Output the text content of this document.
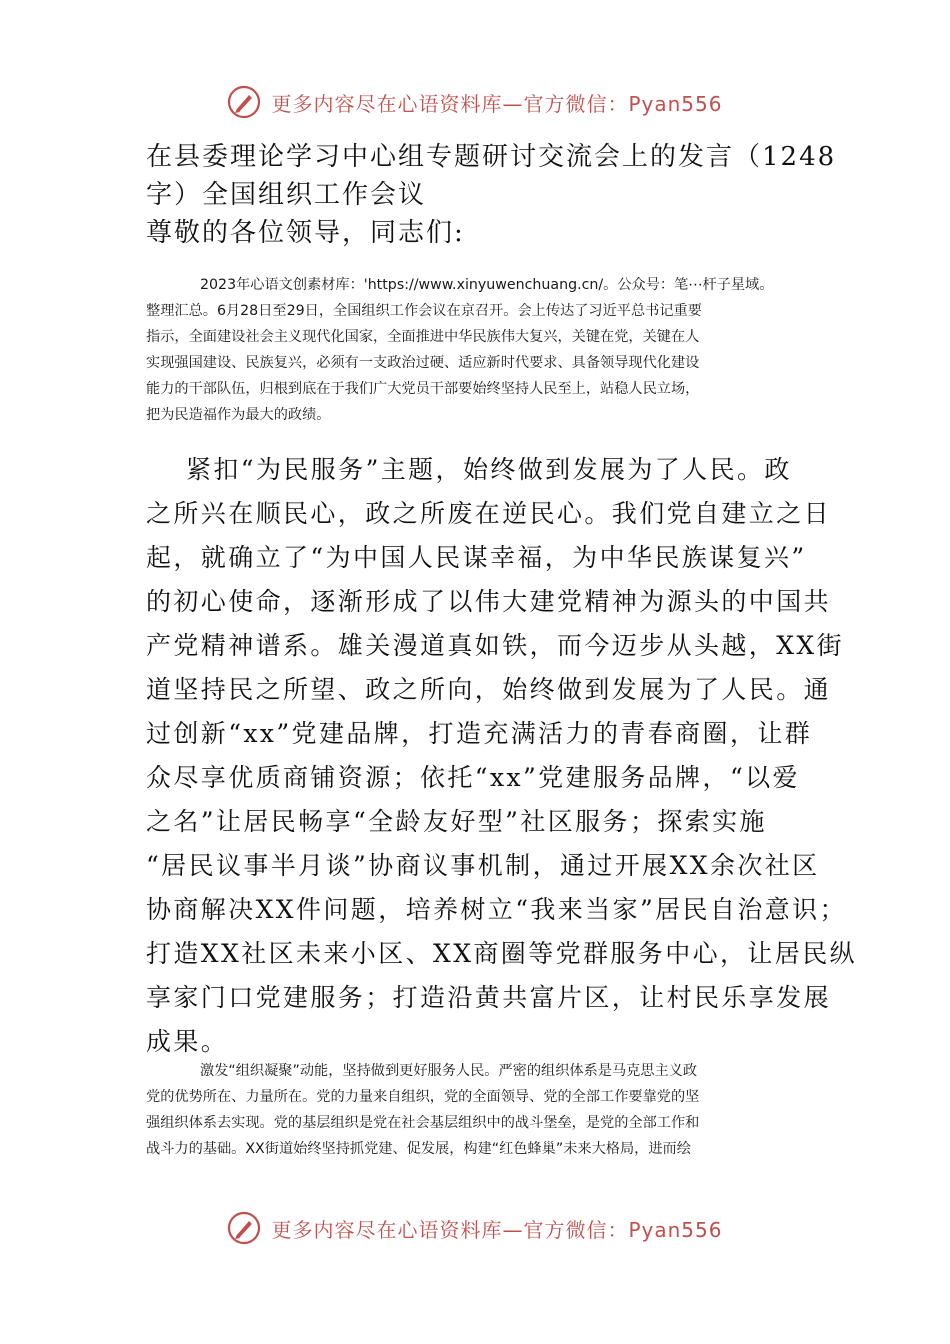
更多内容尽在心语资料库—官方微信：Pyan556
在县委理论学习中心组专题研讨交流会上的发言（1248
字）全国组织工作会议
尊敬的各位领导，同志们:
2023年心语文创素材库：'https://www.xinyuwenchuang.cn/。公众号：笔⋯杆子星域。
整理汇总。6月28日至29日，全国组织工作会议在京召开。会上传达了习近平总书记重要
指示，全面建设社会主义现代化国家，全面推进中华民族伟大复兴，关键在党，关键在人
实现强国建设、民族复兴，必须有一支政治过硬、适应新时代要求、具备领导现代化建设
能力的干部队伍，归根到底在于我们广大党员干部要始终坚持人民至上，站稳人民立场，
把为民造福作为最大的政绩。
紧扣“为民服务”主题，始终做到发展为了人民。政
之所兴在顺民心，政之所废在逆民心。我们党自建立之日
起，就确立了“为中国人民谋幸福，为中华民族谋复兴”
的初心使命，逐渐形成了以伟大建党精神为源头的中国共
产党精神谱系。雄关漫道真如铁，而今迈步从头越，XX街
道坚持民之所望、政之所向，始终做到发展为了人民。通
过创新“xx”党建品牌，打造充满活力的青春商圈，让群
众尽享优质商铺资源；依托“xx”党建服务品牌，“以爱
之名”让居民畅享“全龄友好型”社区服务；探索实施
“居民议事半月谈”协商议事机制，通过开展XX余次社区
协商解决XX件问题，培养树立“我来当家”居民自治意识；
打造XX社区未来小区、XX商圈等党群服务中心，让居民纵
享家门口党建服务；打造沿黄共富片区，让村民乐享发展
成果。
激发“组织凝聚”动能，坚持做到更好服务人民。严密的组织体系是马克思主义政
党的优势所在、力量所在。党的力量来自组织，党的全面领导、党的全部工作要靠党的坚
强组织体系去实现。党的基层组织是党在社会基层组织中的战斗堡垒，是党的全部工作和
战斗力的基础。XX街道始终坚持抓党建、促发展，构建“红色蜂巢”未来大格局，进而绘
更多内容尽在心语资料库—官方微信：Pyan556
